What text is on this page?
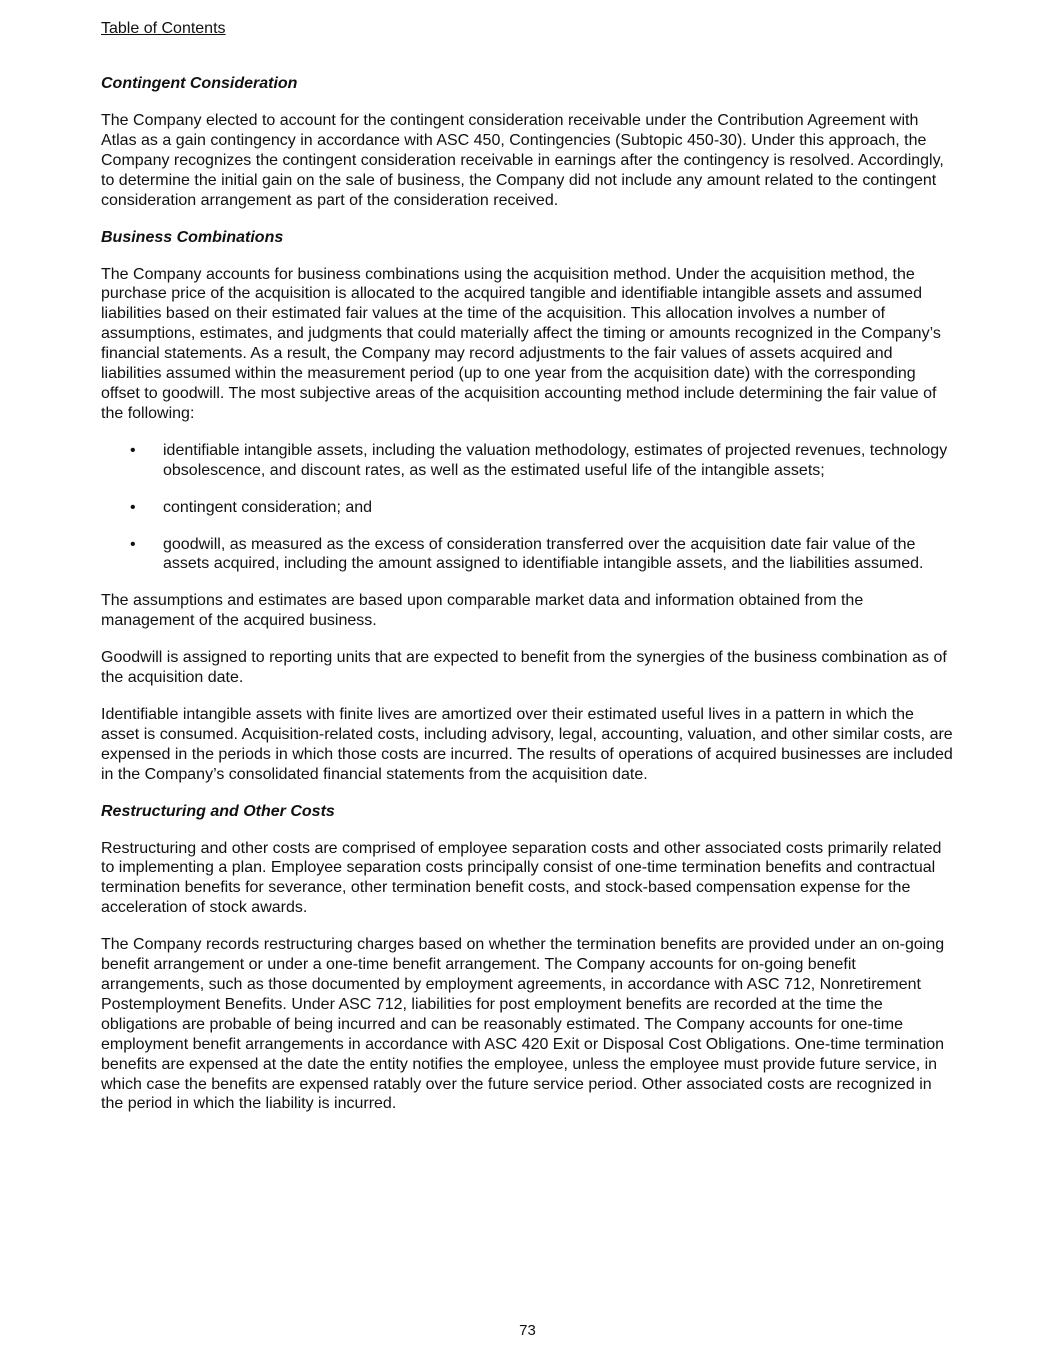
Table of Contents
Contingent Consideration

The Company elected to account for the contingent consideration receivable under the Contribution Agreement with Atlas as a gain contingency in accordance with ASC 450, Contingencies (Subtopic 450-30). Under this approach, the Company recognizes the contingent consideration receivable in earnings after the contingency is resolved. Accordingly, to determine the initial gain on the sale of business, the Company did not include any amount related to the contingent consideration arrangement as part of the consideration received.

Business Combinations

The Company accounts for business combinations using the acquisition method. Under the acquisition method, the purchase price of the acquisition is allocated to the acquired tangible and identifiable intangible assets and assumed liabilities based on their estimated fair values at the time of the acquisition. This allocation involves a number of assumptions, estimates, and judgments that could materially affect the timing or amounts recognized in the Company’s financial statements. As a result, the Company may record adjustments to the fair values of assets acquired and liabilities assumed within the measurement period (up to one year from the acquisition date) with the corresponding offset to goodwill. The most subjective areas of the acquisition accounting method include determining the fair value of the following:

• identifiable intangible assets, including the valuation methodology, estimates of projected revenues, technology obsolescence, and discount rates, as well as the estimated useful life of the intangible assets;
• contingent consideration; and
• goodwill, as measured as the excess of consideration transferred over the acquisition date fair value of the assets acquired, including the amount assigned to identifiable intangible assets, and the liabilities assumed.

The assumptions and estimates are based upon comparable market data and information obtained from the management of the acquired business.

Goodwill is assigned to reporting units that are expected to benefit from the synergies of the business combination as of the acquisition date.

Identifiable intangible assets with finite lives are amortized over their estimated useful lives in a pattern in which the asset is consumed. Acquisition-related costs, including advisory, legal, accounting, valuation, and other similar costs, are expensed in the periods in which those costs are incurred. The results of operations of acquired businesses are included in the Company’s consolidated financial statements from the acquisition date.

Restructuring and Other Costs

Restructuring and other costs are comprised of employee separation costs and other associated costs primarily related to implementing a plan. Employee separation costs principally consist of one-time termination benefits and contractual termination benefits for severance, other termination benefit costs, and stock-based compensation expense for the acceleration of stock awards.

The Company records restructuring charges based on whether the termination benefits are provided under an on-going benefit arrangement or under a one-time benefit arrangement. The Company accounts for on-going benefit arrangements, such as those documented by employment agreements, in accordance with ASC 712, Nonretirement Postemployment Benefits. Under ASC 712, liabilities for post employment benefits are recorded at the time the obligations are probable of being incurred and can be reasonably estimated. The Company accounts for one-time employment benefit arrangements in accordance with ASC 420 Exit or Disposal Cost Obligations. One-time termination benefits are expensed at the date the entity notifies the employee, unless the employee must provide future service, in which case the benefits are expensed ratably over the future service period. Other associated costs are recognized in the period in which the liability is incurred.

73
